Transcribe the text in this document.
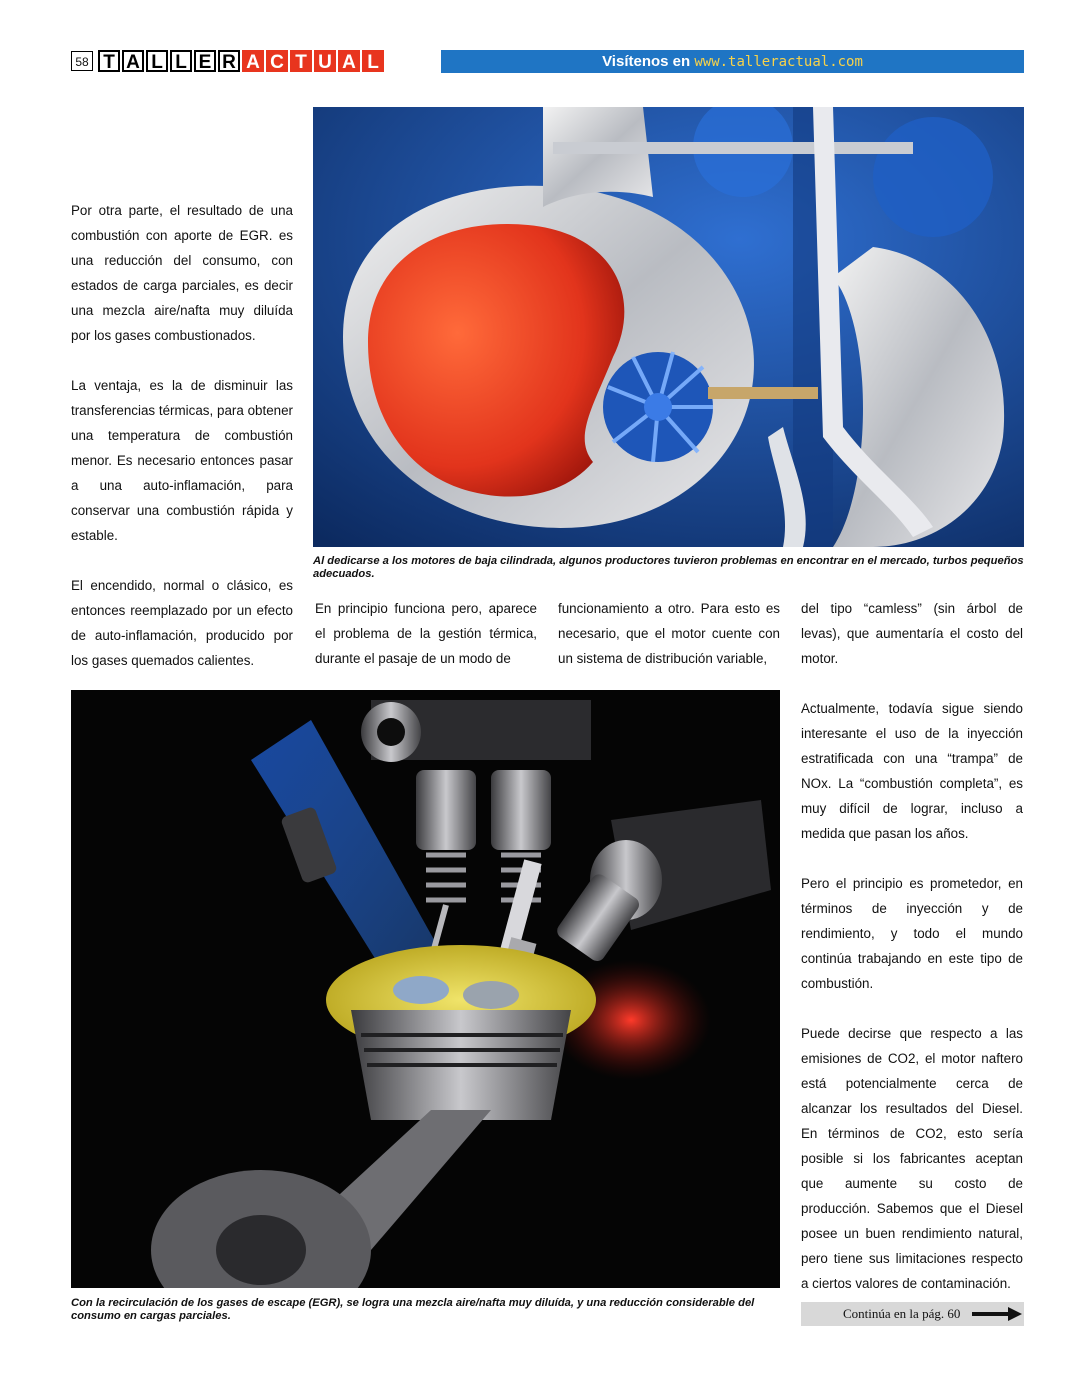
58 T A L L E R A C T U A L	Visítenos en www.talleractual.com

Por otra parte, el resultado de una combustión con aporte de EGR. es una reducción del consumo, con estados de carga parciales, es decir una mezcla aire/nafta muy diluída por los gases combustionados.

La ventaja, es la de disminuir las transferencias térmicas, para obtener una temperatura de combustión menor. Es necesario entonces pasar a una auto-inflamación, para conservar una combustión rápida y estable.

El encendido, normal o clásico, es entonces reemplazado por un efecto de auto-inflamación, producido por los gases quemados calientes.

Al dedicarse a los motores de baja cilindrada, algunos productores tuvieron problemas en encontrar en el mercado, turbos pequeños adecuados.

En principio funciona pero, aparece el problema de la gestión térmica, durante el pasaje de un modo de

funcionamiento a otro. Para esto es necesario, que el motor cuente con un sistema de distribución variable,

del tipo “camless” (sin árbol de levas), que aumentaría el costo del motor.

Actualmente, todavía sigue siendo interesante el uso de la inyección estratificada con una “trampa” de NOx. La “combustión completa”, es muy difícil de lograr, incluso a medida que pasan los años.

Pero el principio es prometedor, en términos de inyección y de rendimiento, y todo el mundo continúa trabajando en este tipo de combustión.

Puede decirse que respecto a las emisiones de CO2, el motor naftero está potencialmente cerca de alcanzar los resultados del Diesel. En términos de CO2, esto sería posible si los fabricantes aceptan que aumente su costo de producción. Sabemos que el Diesel posee un buen rendimiento natural, pero tiene sus limitaciones respecto a ciertos valores de contaminación.

Con la recirculación de los gases de escape (EGR), se logra una mezcla aire/nafta muy diluída, y una reducción considerable del consumo en cargas parciales.	Continúa en la pág. 60
